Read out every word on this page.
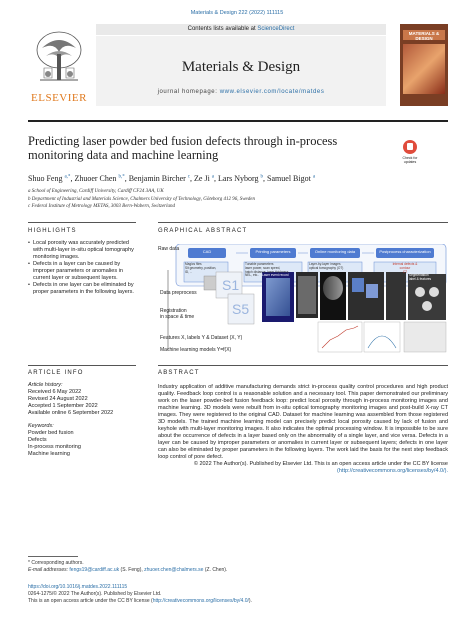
Materials & Design 222 (2022) 111115
ELSEVIER
Contents lists available at ScienceDirect
Materials & Design
journal homepage: www.elsevier.com/locate/matdes
MATERIALS & DESIGN
Predicting laser powder bed fusion defects through in-process monitoring data and machine learning	Check for updates
Shuo Feng $^{a,*}$, Zhuoer Chen $^{b,*}$, Benjamin Bircher $^c$, Ze Ji $^a$, Lars Nyborg $^b$, Samuel Bigot $^a$
a School of Engineering, Cardiff University, Cardiff CF24 3AA, UK
b Department of Industrial and Materials Science, Chalmers University of Technology, Göteborg 412 96, Sweden
c Federal Institute of Metrology METAS, 3003 Bern-Wabern, Switzerland
HIGHLIGHTS
• Local porosity was accurately predicted with multi-layer in-situ optical tomography monitoring images.
• Defects in a layer can be caused by improper parameters or anomalies in current layer or subsequent layers.
• Defects in one layer can be eliminated by proper parameters in the following layers.
GRAPHICAL ABSTRACT
S1
S5
Raw data	CAD	Printing parameters	Online monitoring data	Postprocess characterization
Magics files
Slt geometry, position,
ID, ..
Tunable parameters
laser power, scan speed,
hatch distance, laser thickness,
NEL, etc..
Layer-by-layer images
optical tomography (OT)
Internal defects &
contour
CT
Laser event record	Segmentation
label & features
Data preprocess
Registration
in space & time
Features X, labels Y & Dataset (X, Y)
Machine learning models Y=f(X)
ARTICLE INFO
Article history:
Received 6 May 2022
Revised 24 August 2022
Accepted 1 September 2022
Available online 6 September 2022
Keywords:
Powder bed fusion
Defects
In-process monitoring
Machine learning
ABSTRACT
Industry application of additive manufacturing demands strict in-process quality control procedures and high product quality. Feedback loop control is a reasonable solution and a necessary tool. This paper demonstrated our preliminary work on the laser powder-bed fusion feedback loop: predict local porosity through in-process monitoring images and machine learning. 3D models were rebuilt from in-situ optical tomography monitoring images and post-build X-ray CT images. They were registered to the original CAD. Dataset for machine learning was assembled from those registered 3D models. The trained machine learning model can precisely predict local porosity caused by lack of fusion and keyhole with multi-layer monitoring images. It also indicates the optimal processing window. It is impossible to be sure about the occurrence of defects in a layer based only on the abnormality of a single layer, and vice versa. Defects in a layer can be caused by improper parameters or anomalies in current layer or subsequent layers; defects in one layer can also be eliminated by proper parameters in the following layers. The work laid the basis for the next step feedback loop control of pore defect.
© 2022 The Author(s). Published by Elsevier Ltd. This is an open access article under the CC BY license (http://creativecommons.org/licenses/by/4.0/).
* Corresponding authors.
E-mail addresses: fengs19@cardiff.ac.uk (S. Feng), zhuoer.chen@chalmers.se (Z. Chen).
https://doi.org/10.1016/j.matdes.2022.111115
0264-1275/© 2022 The Author(s). Published by Elsevier Ltd.
This is an open access article under the CC BY license (http://creativecommons.org/licenses/by/4.0/).
